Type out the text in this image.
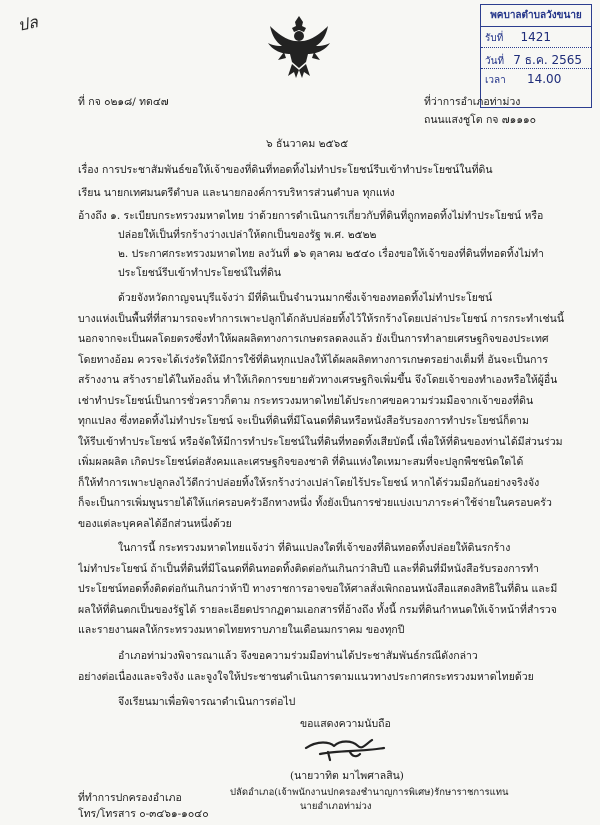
ปล	พคบาลตำบลวังขนาย
รับที่ 1421
วันที่ 7 ธ.ค. 2565
เวลา 14.00
ที่ กจ ๐๒๑๘/ ทด๔๗	ที่ว่าการอำเภอท่าม่วง
ถนนแสงชูโต กจ ๗๑๑๑๐
๖ ธันวาคม ๒๕๖๕
เรื่อง การประชาสัมพันธ์ขอให้เจ้าของที่ดินที่ทอดทิ้งไม่ทำประโยชน์รีบเข้าทำประโยชน์ในที่ดิน
เรียน นายกเทศมนตรีตำบล และนายกองค์การบริหารส่วนตำบล ทุกแห่ง
อ้างถึง ๑. ระเบียบกระทรวงมหาดไทย ว่าด้วยการดำเนินการเกี่ยวกับที่ดินที่ถูกทอดทิ้งไม่ทำประโยชน์ หรือ
ปล่อยให้เป็นที่รกร้างว่างเปล่าให้ตกเป็นของรัฐ พ.ศ. ๒๕๒๒
๒. ประกาศกระทรวงมหาดไทย ลงวันที่ ๑๖ ตุลาคม ๒๕๔๐ เรื่องขอให้เจ้าของที่ดินที่ทอดทิ้งไม่ทำ
ประโยชน์รีบเข้าทำประโยชน์ในที่ดิน
ด้วยจังหวัดกาญจนบุรีแจ้งว่า มีที่ดินเป็นจำนวนมากซึ่งเจ้าของทอดทิ้งไม่ทำประโยชน์
บางแห่งเป็นพื้นที่ที่สามารถจะทำการเพาะปลูกได้กลับปล่อยทิ้งไว้ให้รกร้างโดยเปล่าประโยชน์ การกระทำเช่นนี้
นอกจากจะเป็นผลโดยตรงซึ่งทำให้ผลผลิตทางการเกษตรลดลงแล้ว ยังเป็นการทำลายเศรษฐกิจของประเทศ
โดยทางอ้อม ควรจะได้เร่งรัดให้มีการใช้ที่ดินทุกแปลงให้ได้ผลผลิตทางการเกษตรอย่างเต็มที่ อันจะเป็นการ
สร้างงาน สร้างรายได้ในท้องถิ่น ทำให้เกิดการขยายตัวทางเศรษฐกิจเพิ่มขึ้น จึงโดยเจ้าของทำเองหรือให้ผู้อื่น
เช่าทำประโยชน์เป็นการชั่วคราวก็ตาม กระทรวงมหาดไทยได้ประกาศขอความร่วมมือจากเจ้าของที่ดิน
ทุกแปลง ซึ่งทอดทิ้งไม่ทำประโยชน์ จะเป็นที่ดินที่มีโฉนดที่ดินหรือหนังสือรับรองการทำประโยชน์ก็ตาม
ให้รีบเข้าทำประโยชน์ หรือจัดให้มีการทำประโยชน์ในที่ดินที่ทอดทิ้งเสียบัดนี้ เพื่อให้ที่ดินของท่านได้มีส่วนร่วม
เพิ่มผลผลิต เกิดประโยชน์ต่อสังคมและเศรษฐกิจของชาติ ที่ดินแห่งใดเหมาะสมที่จะปลูกพืชชนิดใดได้
ก็ให้ทำการเพาะปลูกลงไว้ดีกว่าปล่อยทิ้งให้รกร้างว่างเปล่าโดยไร้ประโยชน์ หากได้ร่วมมือกันอย่างจริงจัง
ก็จะเป็นการเพิ่มพูนรายได้ให้แก่ครอบครัวอีกทางหนึ่ง ทั้งยังเป็นการช่วยแบ่งเบาภาระค่าใช้จ่ายในครอบครัว
ของแต่ละบุคคลได้อีกส่วนหนึ่งด้วย
ในการนี้ กระทรวงมหาดไทยแจ้งว่า ที่ดินแปลงใดที่เจ้าของที่ดินทอดทิ้งปล่อยให้ดินรกร้าง
ไม่ทำประโยชน์ ถ้าเป็นที่ดินที่มีโฉนดที่ดินทอดทิ้งติดต่อกันเกินกว่าสิบปี และที่ดินที่มีหนังสือรับรองการทำ
ประโยชน์ทอดทิ้งติดต่อกันเกินกว่าห้าปี ทางราชการอาจขอให้ศาลสั่งเพิกถอนหนังสือแสดงสิทธิในที่ดิน และมี
ผลให้ที่ดินตกเป็นของรัฐได้ รายละเอียดปรากฏตามเอกสารที่อ้างถึง ทั้งนี้ กรมที่ดินกำหนดให้เจ้าหน้าที่สำรวจ
และรายงานผลให้กระทรวงมหาดไทยทราบภายในเดือนมกราคม ของทุกปี
อำเภอท่าม่วงพิจารณาแล้ว จึงขอความร่วมมือท่านได้ประชาสัมพันธ์กรณีดังกล่าว
อย่างต่อเนื่องและจริงจัง และจูงใจให้ประชาชนดำเนินการตามแนวทางประกาศกระทรวงมหาดไทยด้วย
จึงเรียนมาเพื่อพิจารณาดำเนินการต่อไป
ขอแสดงความนับถือ
(นายวาทิต มาไพศาลสิน)
ปลัดอำเภอ(เจ้าพนักงานปกครองชำนาญการพิเศษ)รักษาราชการแทน
นายอำเภอท่าม่วง
ที่ทำการปกครองอำเภอ
โทร/โทรสาร ๐-๓๔๖๑-๑๐๔๐
